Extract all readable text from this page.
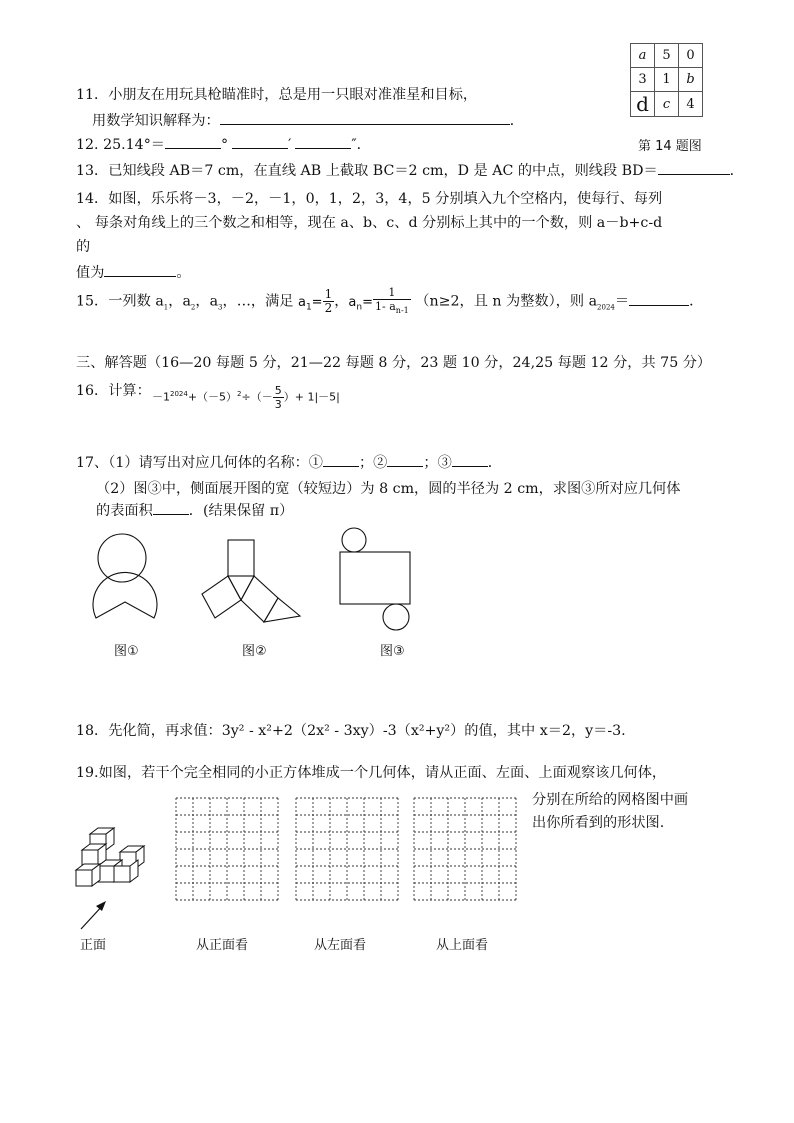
a	5	0
3	1	b
d	c	4
第 14 题图
11．小朋友在用玩具枪瞄准时，总是用一只眼对准准星和目标，
用数学知识解释为：	．
12. 25.14°＝	°	′	″．
13．已知线段 AB＝7 cm，在直线 AB 上截取 BC＝2 cm，D 是 AC 的中点，则线段 BD＝	．
14．如图，乐乐将－3，－2，－1，0，1，2，3，4，5 分别填入九个空格内，使每行、每列
、 每条对角线上的三个数之和相等，现在 a、b、c、d 分别标上其中的一个数，则 a－b+c-d
的
值为	。
15．一列数 $a_1$，$a_2$，$a_3$，…，满足 $a_1= \frac{1}{2}$ ，$a_n= \frac{1}{1- a_{n-1}} (n\ge 2$，且 n 为整数），则 $a_{2024}=$	．
三、解答题（16—20 每题 5 分，21—22 每题 8 分，23 题 10 分，24,25 每题 12 分，共 75 分）
16．计算： $-1^{2024}+(-5)^2\div(- \frac{5}{3}$ ）+ 1|－5|
17、（1）请写出对应几何体的名称：①	；②	；③	．
（2）图③中，侧面展开图的宽（较短边）为 8 cm，圆的半径为 2 cm，求图③所对应几何体
的表面积	．(结果保留 π）
图①	图②	图③
18．先化简，再求值：3y² - x²+2（2x² - 3xy）-3（x²+y²）的值，其中 x＝2，y＝-3.
19.如图，若干个完全相同的小正方体堆成一个几何体，请从正面、左面、上面观察该几何体，
分别在所给的网格图中画
出你所看到的形状图.
正面	从正面看	从左面看	从上面看
